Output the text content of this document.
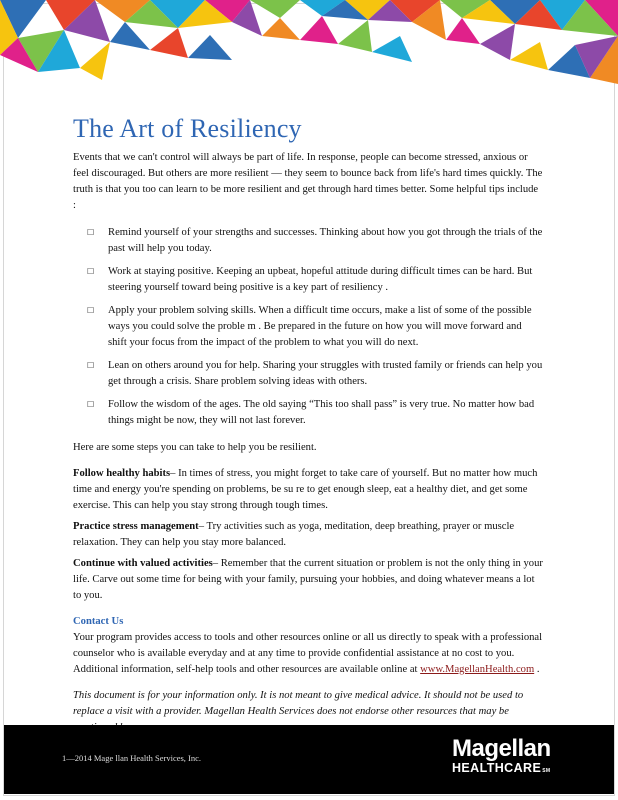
The Art of Resiliency

Events that we can't control will always be part of life. In response, people can become stressed, anxious or feel discouraged. But others are more resilient — they seem to bounce back from life's hard times quickly. The truth is that you too can learn to be more resilient and get through hard times better. Some helpful tips include :

☐ Remind yourself of your strengths and successes. Thinking about how you got through the trials of the past will help you today.
☐ Work at staying positive. Keeping an upbeat, hopeful attitude during difficult times can be hard. But steering yourself toward being positive is a key part of resiliency .
☐ Apply your problem solving skills. When a difficult time occurs, make a list of some of the possible ways you could solve the proble m . Be prepared in the future on how you will move forward and shift your focus from the impact of the problem to what you will do next.
☐ Lean on others around you for help. Sharing your struggles with trusted family or friends can help you get through a crisis. Share problem solving ideas with others.
☐ Follow the wisdom of the ages. The old saying “This too shall pass” is very true. No matter how bad things might be now, they will not last forever.

Here are some steps you can take to help you be resilient.

Follow healthy habits– In times of stress, you might forget to take care of yourself. But no matter how much time and energy you're spending on problems, be su re to get enough sleep, eat a healthy diet, and get some exercise. This can help you stay strong through tough times.

Practice stress management– Try activities such as yoga, meditation, deep breathing, prayer or muscle relaxation. They can help you stay more balanced.

Continue with valued activities– Remember that the current situation or problem is not the only thing in your life. Carve out some time for being with your family, pursuing your hobbies, and doing whatever means a lot to you.

Contact Us

Your program provides access to tools and other resources online or all us directly to speak with a professional counselor who is available everyday and at any time to provide confidential assistance at no cost to you. Additional information, self-help tools and other resources are available online at www.MagellanHealth.com .

This document is for your information only. It is not meant to give medical advice. It should not be used to replace a visit with a provider. Magellan Health Services does not endorse other resources that may be

1—2014 Mage llan Health Services, Inc.	Magellan
HEALTHCARESM
